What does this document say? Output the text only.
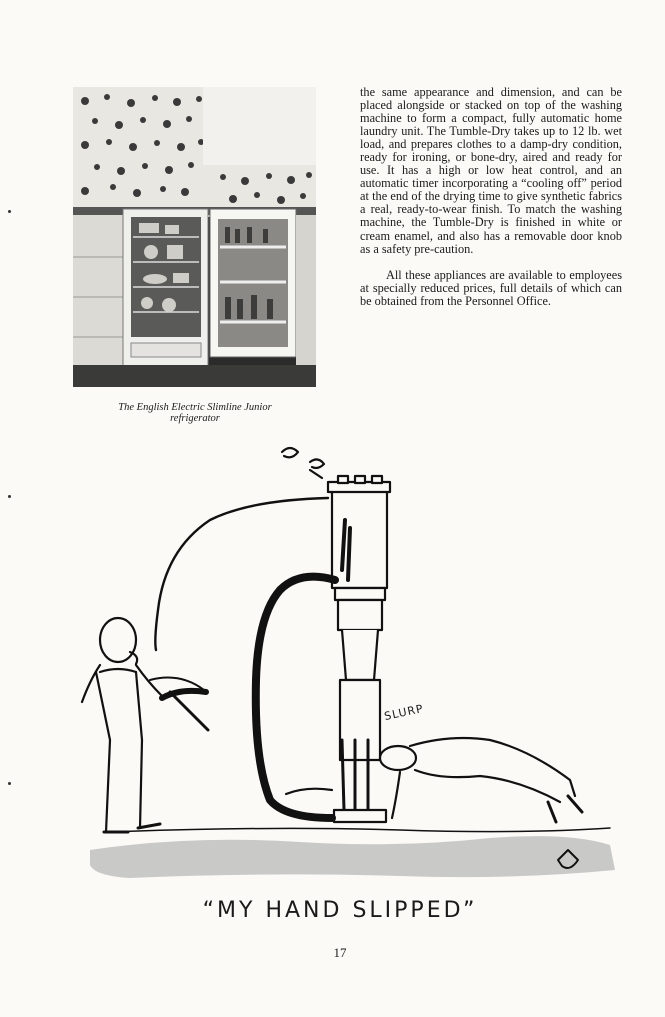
The English Electric Slimline Junior
refrigerator

the same appearance and dimension, and can be placed alongside or stacked on top of the washing machine to form a compact, fully automatic home laundry unit. The Tumble-Dry takes up to 12 lb. wet load, and prepares clothes to a damp-dry condition, ready for ironing, or bone-dry, aired and ready for use. It has a high or low heat control, and an automatic timer incorporating a “cooling off” period at the end of the drying time to give synthetic fabrics a real, ready-to-wear finish. To match the washing machine, the Tumble-Dry is finished in white or cream enamel, and also has a removable door knob as a safety pre-caution.

All these appliances are available to employees at specially reduced prices, full details of which can be obtained from the Personnel Office.

SLURP
“MY HAND SLIPPED”
17
